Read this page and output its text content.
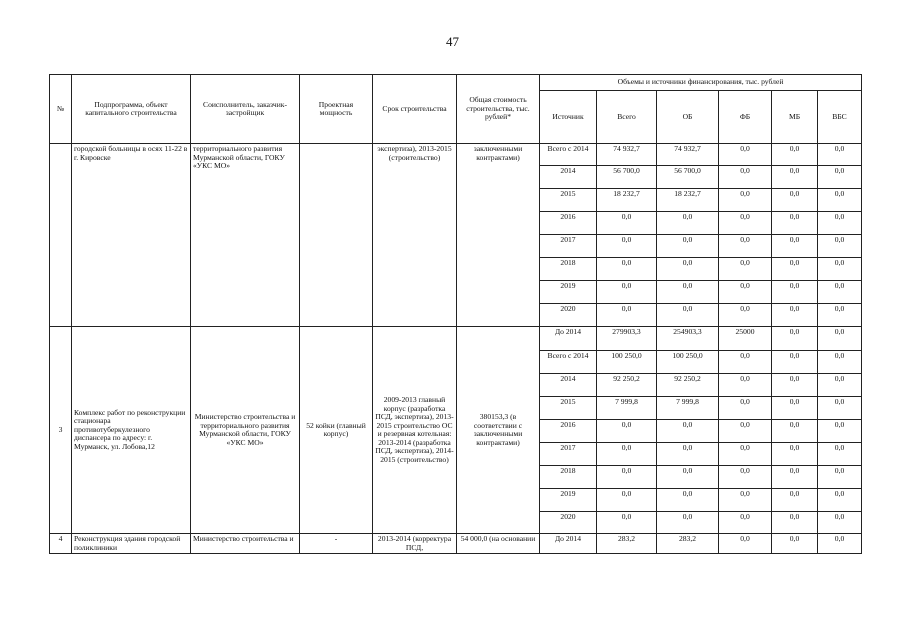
47
№	Подпрограмма, объект капитального строительства	Соисполнитель, заказчик-застройщик	Проектная мощность	Срок строительства	Общая стоимость строительства, тыс. рублей*	Объемы и источники финансирования, тыс. рублей					
						Источник	Всего	ОБ	ФБ	МБ	ВБС
	городской больницы в осях 11-22 в г. Кировске	территориального развития Мурманской области, ГОКУ «УКС МО»		экспертиза), 2013-2015 (строительство)	заключенными контрактами)	Всего с 2014	74 932,7	74 932,7	0,0	0,0	0,0
						2014	56 700,0	56 700,0	0,0	0,0	0,0
						2015	18 232,7	18 232,7	0,0	0,0	0,0
						2016	0,0	0,0	0,0	0,0	0,0
						2017	0,0	0,0	0,0	0,0	0,0
						2018	0,0	0,0	0,0	0,0	0,0
						2019	0,0	0,0	0,0	0,0	0,0
						2020	0,0	0,0	0,0	0,0	0,0
3	Комплекс работ по реконструкции стационара противотуберкулезного диспансера по адресу: г. Мурманск, ул. Лобова,12	Министерство строительства и территориального развития Мурманской области, ГОКУ «УКС МО»	52 койки (главный корпус)	2009-2013 главный корпус (разработка ПСД, экспертиза), 2013-2015 строительство ОС и резервная котельная: 2013-2014 (разработка ПСД, экспертиза), 2014-2015 (строительство)	380153,3 (в соответствии с заключенными контрактами)	До 2014	279903,3	254903,3	25000	0,0	0,0
						Всего с 2014	100 250,0	100 250,0	0,0	0,0	0,0
						2014	92 250,2	92 250,2	0,0	0,0	0,0
						2015	7 999,8	7 999,8	0,0	0,0	0,0
						2016	0,0	0,0	0,0	0,0	0,0
						2017	0,0	0,0	0,0	0,0	0,0
						2018	0,0	0,0	0,0	0,0	0,0
						2019	0,0	0,0	0,0	0,0	0,0
						2020	0,0	0,0	0,0	0,0	0,0
4	Реконструкция здания городской поликлиники	Министерство строительства и	-	2013-2014 (корректура ПСД,	54 000,0 (на основании	До 2014	283,2	283,2	0,0	0,0	0,0
